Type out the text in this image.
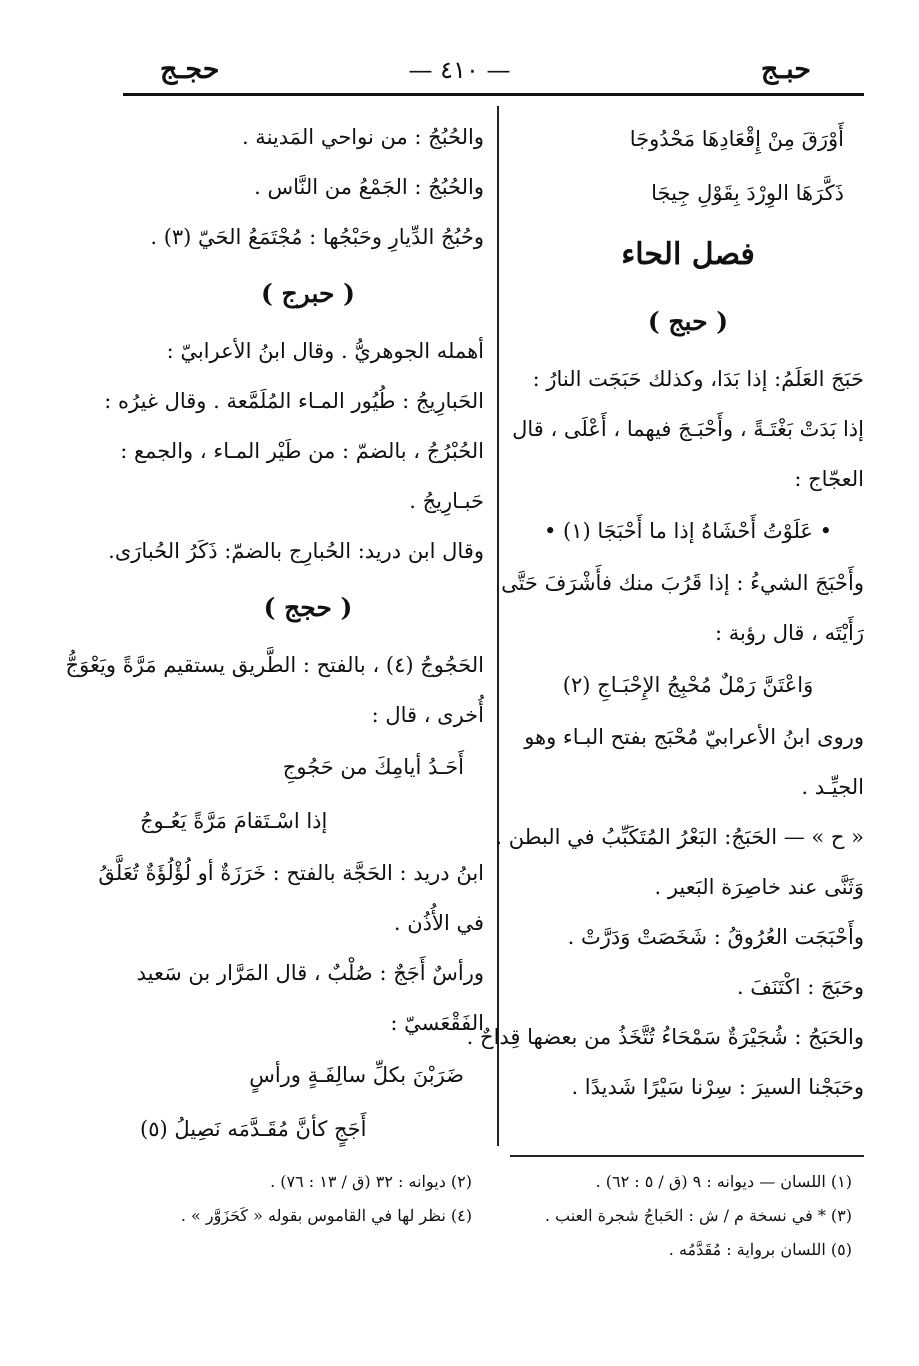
حبـج
— ٤١٠ —
حجـج
أَوْرَقَ مِنْ إِقْعَادِهَا مَحْدُوجَا
ذَكَّرَهَا الوِرْدَ بِقَوْلِ جِيجَا
فصل الحاء
( حبج )
حَبَجَ العَلَمُ: إذا بَدَا، وكذلك حَبَجَت النارُ :
إذا بَدَتْ بَغْتَـةً ، وأَحْبَـجَ فيهما ، أَعْلَى ، قال
العجّاج :
• عَلَوْتُ أَحْشَاهُ إذا ما أَحْبَجَا (١) •
وأَحْبَجَ الشيءُ : إذا قَرُبَ منك فأَشْرَفَ حَتَّى
رَأَيْتَه ، قال رؤبة :
وَاعْتَنَّ رَمْلٌ مُحْبِجُ الإِحْبَـاجِ (٢)
وروى ابنُ الأعرابيّ مُحْبَج بفتح البـاء وهو
الجيِّـد .
« ح » — الحَبَجُ: البَعْرُ المُتَكَبِّبُ في البطن .
وَثَنَّى عند خاصِرَة البَعير .
وأَحْبَجَت العُرُوقُ : شَخَصَتْ وَدَرَّتْ .
وحَبَجَ : اكْتَنَفَ .
والحَبَجُ : شُجَيْرَةٌ سَمْحَاءُ تُتَّخَذُ من بعضها قِداحٌ .
وحَبَجْنا السيرَ : سِرْنا سَيْرًا شَديدًا .
والحُبُجُ : من نواحي المَدينة .
والحُبُجُ : الجَمْعُ من النَّاس .
وحُبُجُ الدِّيارِ وحَبْجُها : مُجْتَمَعُ الحَيّ (٣) .
( حبرج )
أهمله الجوهريُّ . وقال ابنُ الأعرابيّ :
الحَبارِيجُ : طُيُور المـاء المُلَمَّعة . وقال غيرُه :
الحُبْرُجُ ، بالضمّ : من طَيْر المـاء ، والجمع :
حَبـارِيجُ .
وقال ابن دريد: الحُبارِج بالضمّ: ذَكَرُ الحُبارَى.
( حجج )
الحَجُوجُ (٤) ، بالفتح : الطَّريق يستقيم مَرَّةً ويَعْوَجُّ
أُخرى ، قال :
أَحَـدُ أيامِكَ من حَجُوجِ
إذا اسْـتَقامَ مَرَّةً يَعُـوجُ
ابنُ دريد : الحَجَّة بالفتح : خَرَزَةٌ أو لُؤْلُؤَةٌ تُعَلَّقُ
في الأُذُن .
ورأسٌ أَجَجٌ : صُلْبٌ ، قال المَرَّار بن سَعيد
الفَقْعَسيّ :
ضَرَبْنَ بكلِّ سالِفَـةٍ ورأسٍ
أَجَجٍ كأنَّ مُقَـدَّمَه نَصِيلُ (٥)
(١) اللسان — ديوانه : ٩ (ق / ٥ : ٦٢) .
(٣) * في نسخة م / ش : الحَباجُ شجرة العنب .
(٥) اللسان برواية : مُقَدَّمُه .
(٢) ديوانه : ٣٢ (ق / ١٣ : ٧٦) .
(٤) نظر لها في القاموس بقوله « كَحَزَوَّر » .
